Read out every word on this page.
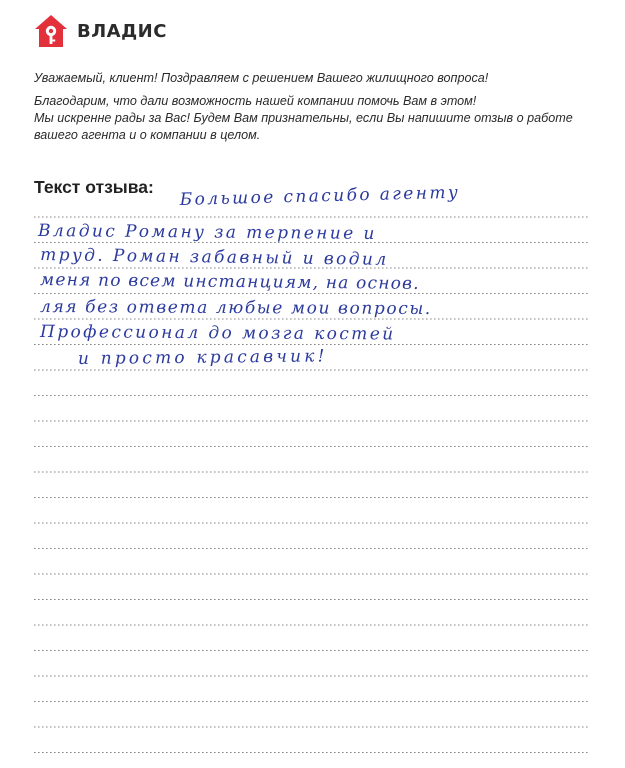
ВЛАДИС

Уважаемый, клиент! Поздравляем с решением Вашего жилищного вопроса!

Благодарим, что дали возможность нашей компании помочь Вам в этом!
Мы искренне рады за Вас! Будем Вам признательны, если Вы напишите отзыв о работе
вашего агента и о компании в целом.

Текст отзыва: Большое спасибо агенту
Владис Роману за терпение и
труд. Роман забавный и водил
меня по всем инстанциям, на основ.
ляя без ответа любые мои вопросы.
Профессионал до мозга костей
и просто красавчик!
